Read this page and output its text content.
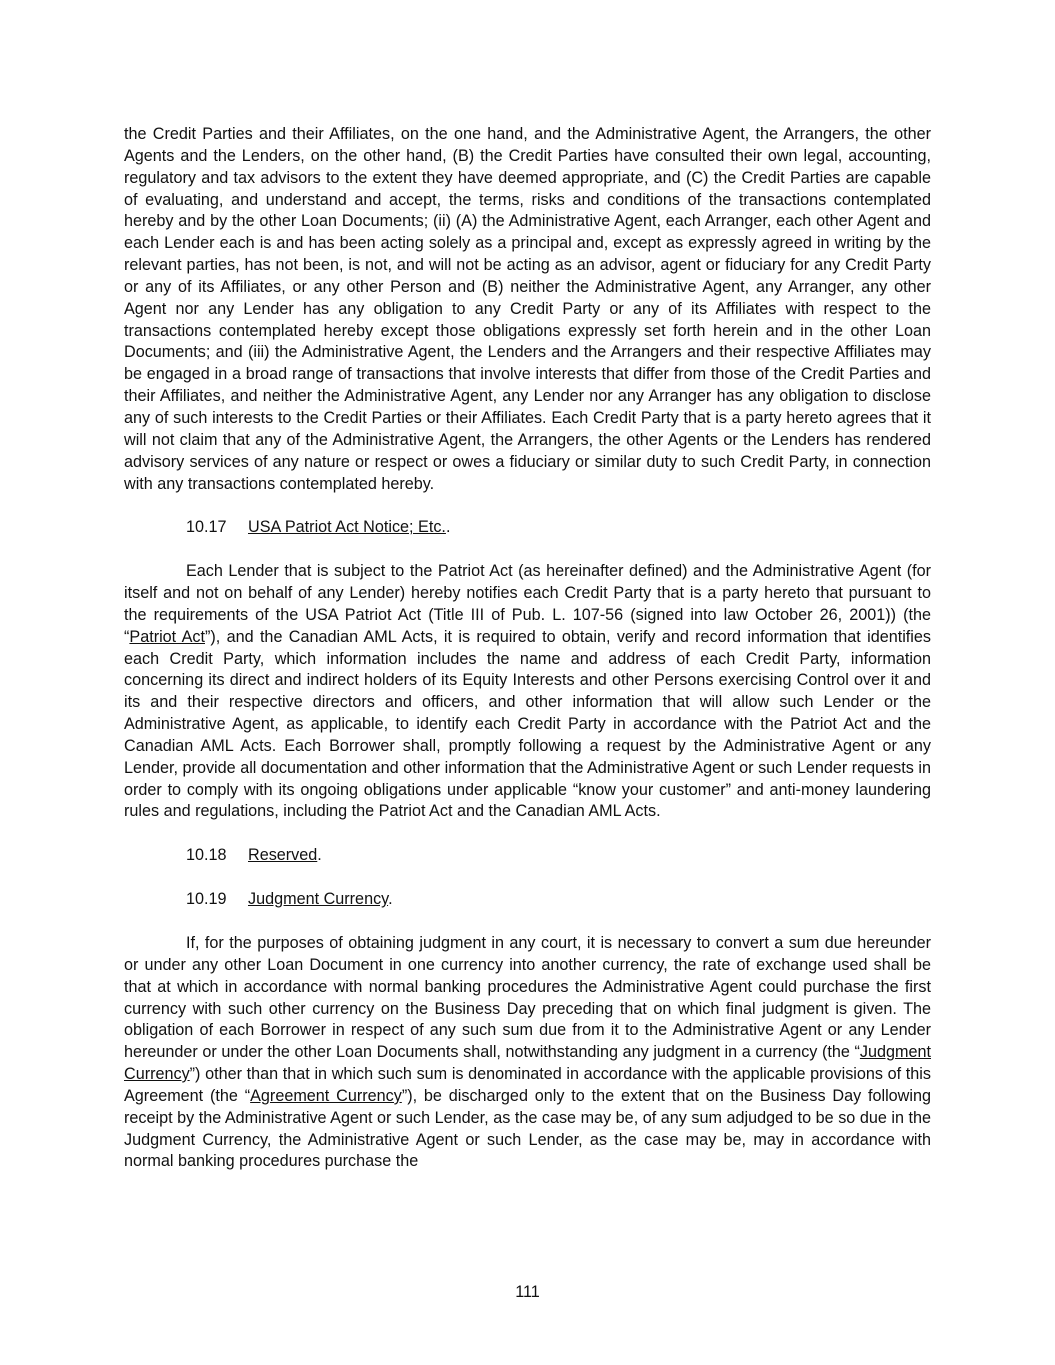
the Credit Parties and their Affiliates, on the one hand, and the Administrative Agent, the Arrangers, the other Agents and the Lenders, on the other hand, (B) the Credit Parties have consulted their own legal, accounting, regulatory and tax advisors to the extent they have deemed appropriate, and (C) the Credit Parties are capable of evaluating, and understand and accept, the terms, risks and conditions of the transactions contemplated hereby and by the other Loan Documents; (ii) (A) the Administrative Agent, each Arranger, each other Agent and each Lender each is and has been acting solely as a principal and, except as expressly agreed in writing by the relevant parties, has not been, is not, and will not be acting as an advisor, agent or fiduciary for any Credit Party or any of its Affiliates, or any other Person and (B) neither the Administrative Agent, any Arranger, any other Agent nor any Lender has any obligation to any Credit Party or any of its Affiliates with respect to the transactions contemplated hereby except those obligations expressly set forth herein and in the other Loan Documents; and (iii) the Administrative Agent, the Lenders and the Arrangers and their respective Affiliates may be engaged in a broad range of transactions that involve interests that differ from those of the Credit Parties and their Affiliates, and neither the Administrative Agent, any Lender nor any Arranger has any obligation to disclose any of such interests to the Credit Parties or their Affiliates. Each Credit Party that is a party hereto agrees that it will not claim that any of the Administrative Agent, the Arrangers, the other Agents or the Lenders has rendered advisory services of any nature or respect or owes a fiduciary or similar duty to such Credit Party, in connection with any transactions contemplated hereby.

10.17 USA Patriot Act Notice; Etc..

Each Lender that is subject to the Patriot Act (as hereinafter defined) and the Administrative Agent (for itself and not on behalf of any Lender) hereby notifies each Credit Party that is a party hereto that pursuant to the requirements of the USA Patriot Act (Title III of Pub. L. 107-56 (signed into law October 26, 2001)) (the “Patriot Act”), and the Canadian AML Acts, it is required to obtain, verify and record information that identifies each Credit Party, which information includes the name and address of each Credit Party, information concerning its direct and indirect holders of its Equity Interests and other Persons exercising Control over it and its and their respective directors and officers, and other information that will allow such Lender or the Administrative Agent, as applicable, to identify each Credit Party in accordance with the Patriot Act and the Canadian AML Acts. Each Borrower shall, promptly following a request by the Administrative Agent or any Lender, provide all documentation and other information that the Administrative Agent or such Lender requests in order to comply with its ongoing obligations under applicable “know your customer” and anti-money laundering rules and regulations, including the Patriot Act and the Canadian AML Acts.

10.18 Reserved.

10.19 Judgment Currency.

If, for the purposes of obtaining judgment in any court, it is necessary to convert a sum due hereunder or under any other Loan Document in one currency into another currency, the rate of exchange used shall be that at which in accordance with normal banking procedures the Administrative Agent could purchase the first currency with such other currency on the Business Day preceding that on which final judgment is given. The obligation of each Borrower in respect of any such sum due from it to the Administrative Agent or any Lender hereunder or under the other Loan Documents shall, notwithstanding any judgment in a currency (the “Judgment Currency”) other than that in which such sum is denominated in accordance with the applicable provisions of this Agreement (the “Agreement Currency”), be discharged only to the extent that on the Business Day following receipt by the Administrative Agent or such Lender, as the case may be, of any sum adjudged to be so due in the Judgment Currency, the Administrative Agent or such Lender, as the case may be, may in accordance with normal banking procedures purchase the

111
